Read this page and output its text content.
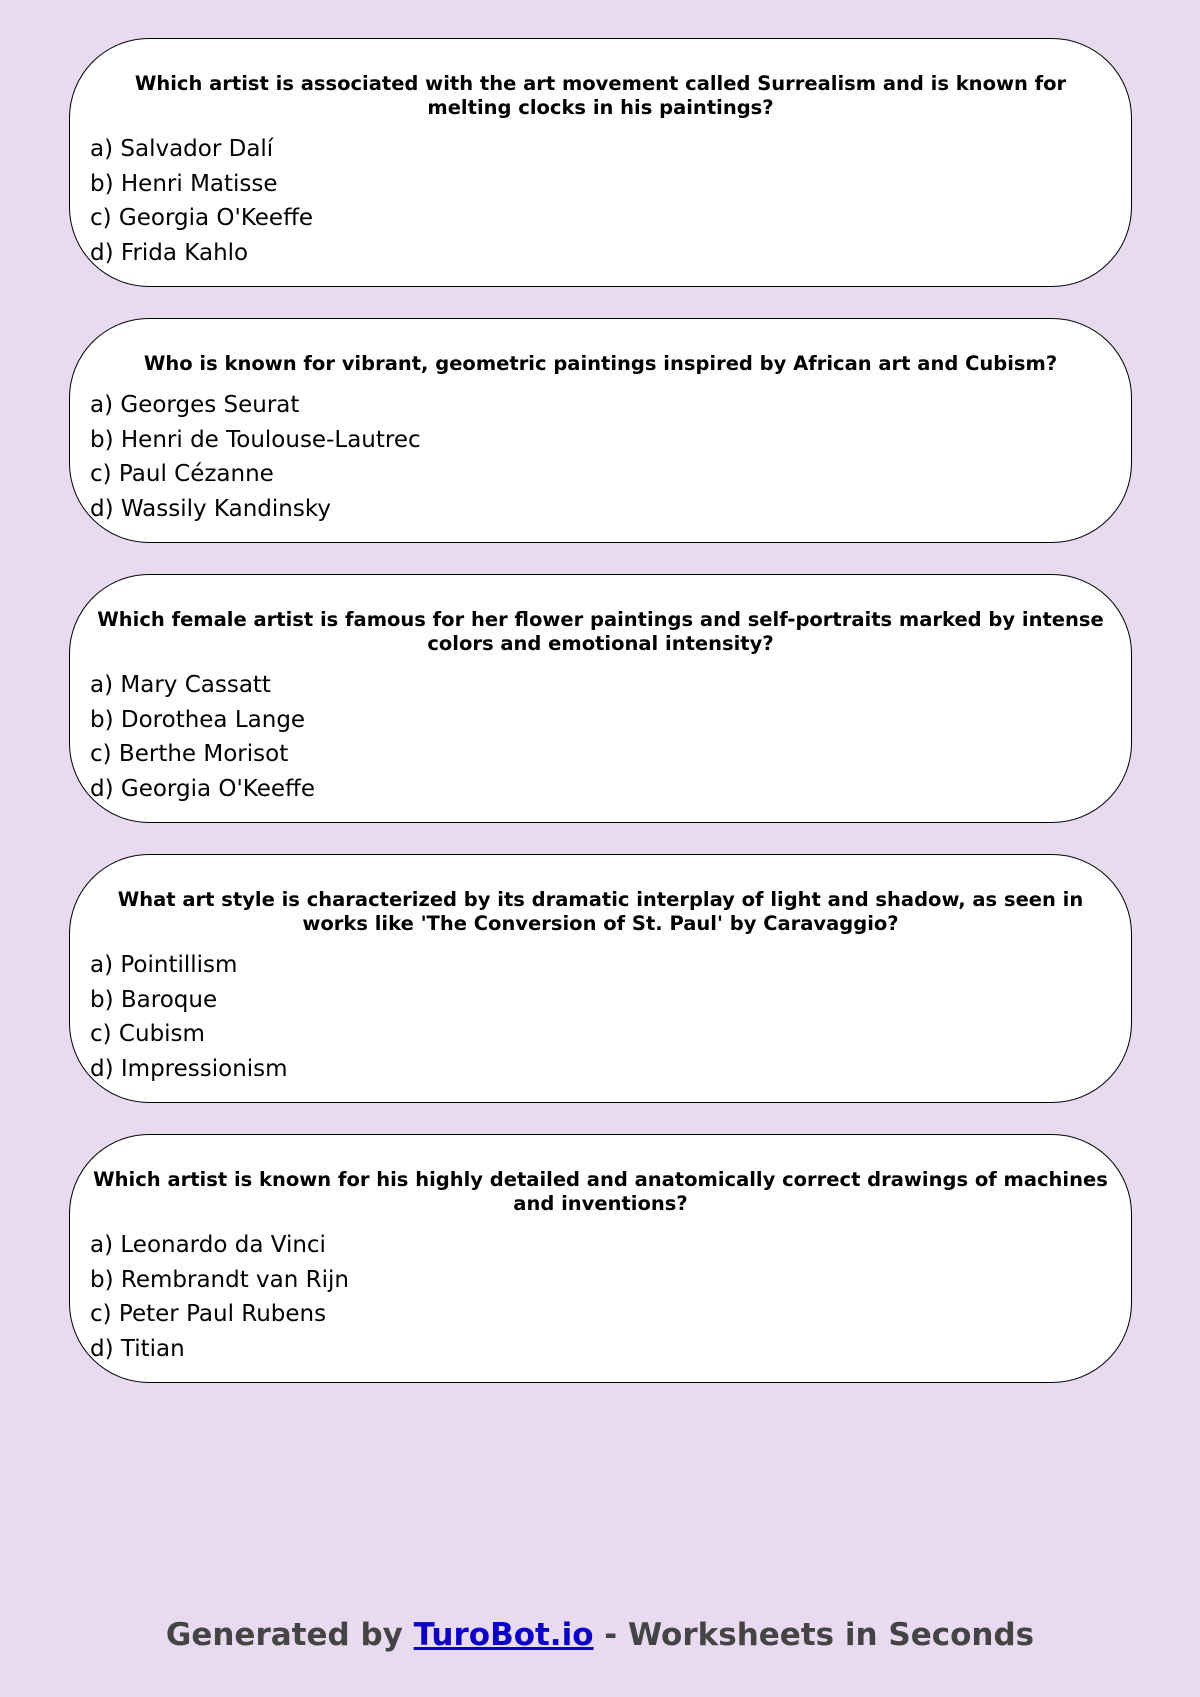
Which artist is associated with the art movement called Surrealism and is known for melting clocks in his paintings?
a) Salvador Dalí
b) Henri Matisse
c) Georgia O'Keeffe
d) Frida Kahlo
Who is known for vibrant, geometric paintings inspired by African art and Cubism?
a) Georges Seurat
b) Henri de Toulouse-Lautrec
c) Paul Cézanne
d) Wassily Kandinsky
Which female artist is famous for her flower paintings and self-portraits marked by intense colors and emotional intensity?
a) Mary Cassatt
b) Dorothea Lange
c) Berthe Morisot
d) Georgia O'Keeffe
What art style is characterized by its dramatic interplay of light and shadow, as seen in works like 'The Conversion of St. Paul' by Caravaggio?
a) Pointillism
b) Baroque
c) Cubism
d) Impressionism
Which artist is known for his highly detailed and anatomically correct drawings of machines and inventions?
a) Leonardo da Vinci
b) Rembrandt van Rijn
c) Peter Paul Rubens
d) Titian
Generated by TuroBot.io - Worksheets in Seconds
